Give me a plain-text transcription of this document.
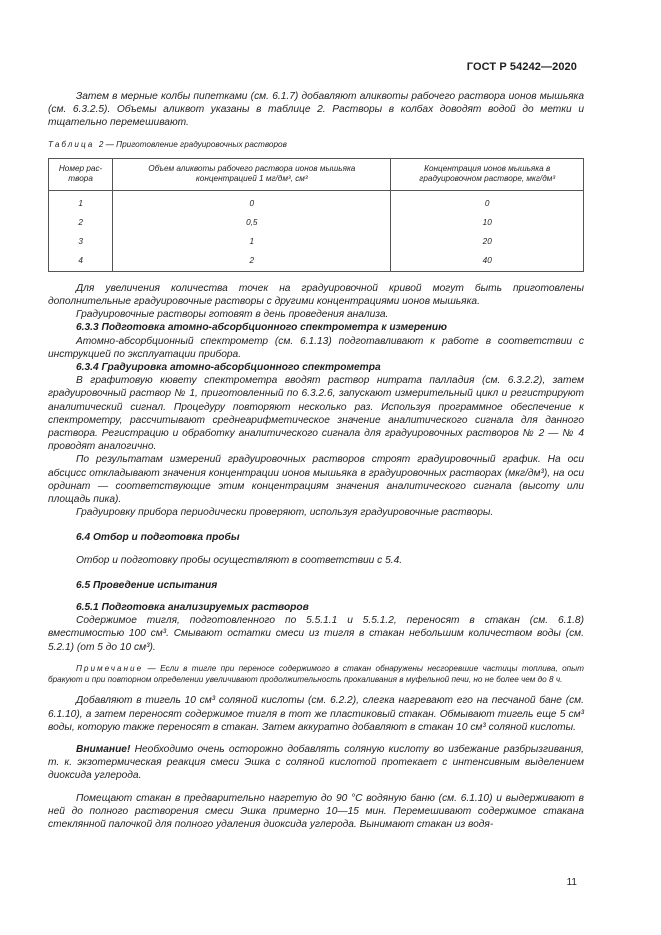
ГОСТ Р 54242—2020

Затем в мерные колбы пипетками (см. 6.1.7) добавляют аликвоты рабочего раствора ионов мышьяка (см. 6.3.2.5). Объемы аликвот указаны в таблице 2. Растворы в колбах доводят водой до метки и тщательно перемешивают.

Таблица 2 — Приготовление градуировочных растворов
Номер рас-твора	Объем аликвоты рабочего раствора ионов мышьяка концентрацией 1 мг/дм³, см³	Концентрация ионов мышьяка в градуировочном растворе, мкг/дм³
1	0	0
2	0,5	10
3	1	20
4	2	40

Для увеличения количества точек на градуировочной кривой могут быть приготовлены дополнительные градуировочные растворы с другими концентрациями ионов мышьяка.

Градуировочные растворы готовят в день проведения анализа.

6.3.3 Подготовка атомно-абсорбционного спектрометра к измерению

Атомно-абсорбционный спектрометр (см. 6.1.13) подготавливают к работе в соответствии с инструкцией по эксплуатации прибора.

6.3.4 Градуировка атомно-абсорбционного спектрометра

В графитовую кювету спектрометра вводят раствор нитрата палладия (см. 6.3.2.2), затем градуировочный раствор № 1, приготовленный по 6.3.2.6, запускают измерительный цикл и регистрируют аналитический сигнал. Процедуру повторяют несколько раз. Используя программное обеспечение к спектрометру, рассчитывают среднеарифметическое значение аналитического сигнала для данного раствора. Регистрацию и обработку аналитического сигнала для градуировочных растворов № 2 — № 4 проводят аналогично.

По результатам измерений градуировочных растворов строят градуировочный график. На оси абсцисс откладывают значения концентрации ионов мышьяка в градуировочных растворах (мкг/дм³), на оси ординат — соответствующие этим концентрациям значения аналитического сигнала (высоту или площадь пика).

Градуировку прибора периодически проверяют, используя градуировочные растворы.

6.4 Отбор и подготовка пробы

Отбор и подготовку пробы осуществляют в соответствии с 5.4.

6.5 Проведение испытания

6.5.1 Подготовка анализируемых растворов

Содержимое тигля, подготовленного по 5.5.1.1 и 5.5.1.2, переносят в стакан (см. 6.1.8) вместимостью 100 см³. Смывают остатки смеси из тигля в стакан небольшим количеством воды (см. 5.2.1) (от 5 до 10 см³).

Примечание — Если в тигле при переносе содержимого в стакан обнаружены несгоревшие частицы топлива, опыт бракуют и при повторном определении увеличивают продолжительность прокаливания в муфельной печи, но не более чем до 8 ч.

Добавляют в тигель 10 см³ соляной кислоты (см. 6.2.2), слегка нагревают его на песчаной бане (см. 6.1.10), а затем переносят содержимое тигля в тот же пластиковый стакан. Обмывают тигель еще 5 см³ воды, которую также переносят в стакан. Затем аккуратно добавляют в стакан 10 см³ соляной кислоты.

Внимание! Необходимо очень осторожно добавлять соляную кислоту во избежание разбрызгивания, т. к. экзотермическая реакция смеси Эшка с соляной кислотой протекает с интенсивным выделением диоксида углерода.

Помещают стакан в предварительно нагретую до 90 °С водяную баню (см. 6.1.10) и выдерживают в ней до полного растворения смеси Эшка примерно 10—15 мин. Перемешивают содержимое стакана стеклянной палочкой для полного удаления диоксида углерода. Вынимают стакан из водя-

11
